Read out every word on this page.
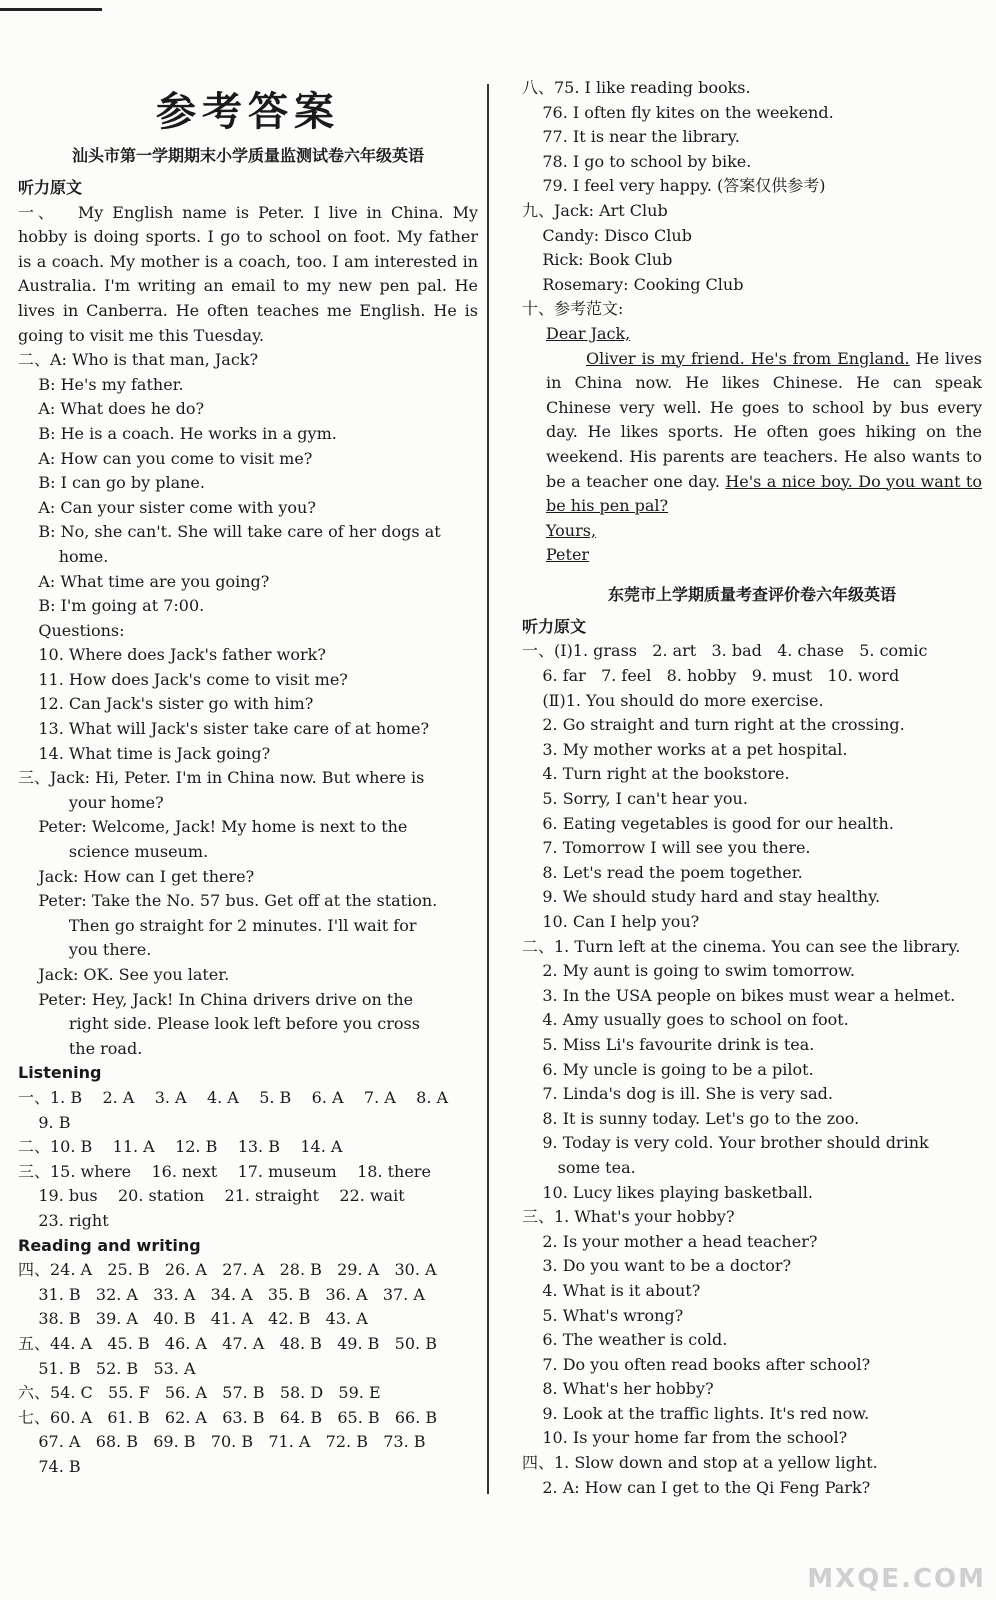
参考答案
汕头市第一学期期末小学质量监测试卷六年级英语
听力原文
一、 My English name is Peter. I live in China. My hobby is doing sports. I go to school on foot. My father is a coach. My mother is a coach, too. I am interested in Australia. I'm writing an email to my new pen pal. He lives in Canberra. He often teaches me English. He is going to visit me this Tuesday.
二、A: Who is that man, Jack?
B: He's my father.
A: What does he do?
B: He is a coach. He works in a gym.
A: How can you come to visit me?
B: I can go by plane.
A: Can your sister come with you?
B: No, she can't. She will take care of her dogs at
home.
A: What time are you going?
B: I'm going at 7:00.
Questions:
10. Where does Jack's father work?
11. How does Jack's come to visit me?
12. Can Jack's sister go with him?
13. What will Jack's sister take care of at home?
14. What time is Jack going?
三、Jack: Hi, Peter. I'm in China now. But where is
your home?
Peter: Welcome, Jack! My home is next to the
science museum.
Jack: How can I get there?
Peter: Take the No. 57 bus. Get off at the station.
Then go straight for 2 minutes. I'll wait for
you there.
Jack: OK. See you later.
Peter: Hey, Jack! In China drivers drive on the
right side. Please look left before you cross
the road.
Listening
一、1. B    2. A    3. A    4. A    5. B    6. A    7. A    8. A
9. B
二、10. B    11. A    12. B    13. B    14. A
三、15. where    16. next    17. museum    18. there
19. bus    20. station    21. straight    22. wait
23. right
Reading and writing
四、24. A   25. B   26. A   27. A   28. B   29. A   30. A
31. B   32. A   33. A   34. A   35. B   36. A   37. A
38. B   39. A   40. B   41. A   42. B   43. A
五、44. A   45. B   46. A   47. A   48. B   49. B   50. B
51. B   52. B   53. A
六、54. C   55. F   56. A   57. B   58. D   59. E
七、60. A   61. B   62. A   63. B   64. B   65. B   66. B
67. A   68. B   69. B   70. B   71. A   72. B   73. B
74. B
八、75. I like reading books.
76. I often fly kites on the weekend.
77. It is near the library.
78. I go to school by bike.
79. I feel very happy. (答案仅供参考)
九、Jack: Art Club
Candy: Disco Club
Rick: Book Club
Rosemary: Cooking Club
十、参考范文:
Dear Jack,
Oliver is my friend. He's from England. He lives in China now. He likes Chinese. He can speak Chinese very well. He goes to school by bus every day. He likes sports. He often goes hiking on the weekend. His parents are teachers. He also wants to be a teacher one day. He's a nice boy. Do you want to be his pen pal?
Yours,
Peter
东莞市上学期质量考查评价卷六年级英语
听力原文
一、(Ⅰ)1. grass   2. art   3. bad   4. chase   5. comic
6. far   7. feel   8. hobby   9. must   10. word
(Ⅱ)1. You should do more exercise.
2. Go straight and turn right at the crossing.
3. My mother works at a pet hospital.
4. Turn right at the bookstore.
5. Sorry, I can't hear you.
6. Eating vegetables is good for our health.
7. Tomorrow I will see you there.
8. Let's read the poem together.
9. We should study hard and stay healthy.
10. Can I help you?
二、1. Turn left at the cinema. You can see the library.
2. My aunt is going to swim tomorrow.
3. In the USA people on bikes must wear a helmet.
4. Amy usually goes to school on foot.
5. Miss Li's favourite drink is tea.
6. My uncle is going to be a pilot.
7. Linda's dog is ill. She is very sad.
8. It is sunny today. Let's go to the zoo.
9. Today is very cold. Your brother should drink
some tea.
10. Lucy likes playing basketball.
三、1. What's your hobby?
2. Is your mother a head teacher?
3. Do you want to be a doctor?
4. What is it about?
5. What's wrong?
6. The weather is cold.
7. Do you often read books after school?
8. What's her hobby?
9. Look at the traffic lights. It's red now.
10. Is your home far from the school?
四、1. Slow down and stop at a yellow light.
2. A: How can I get to the Qi Feng Park?
MXQE.COM
